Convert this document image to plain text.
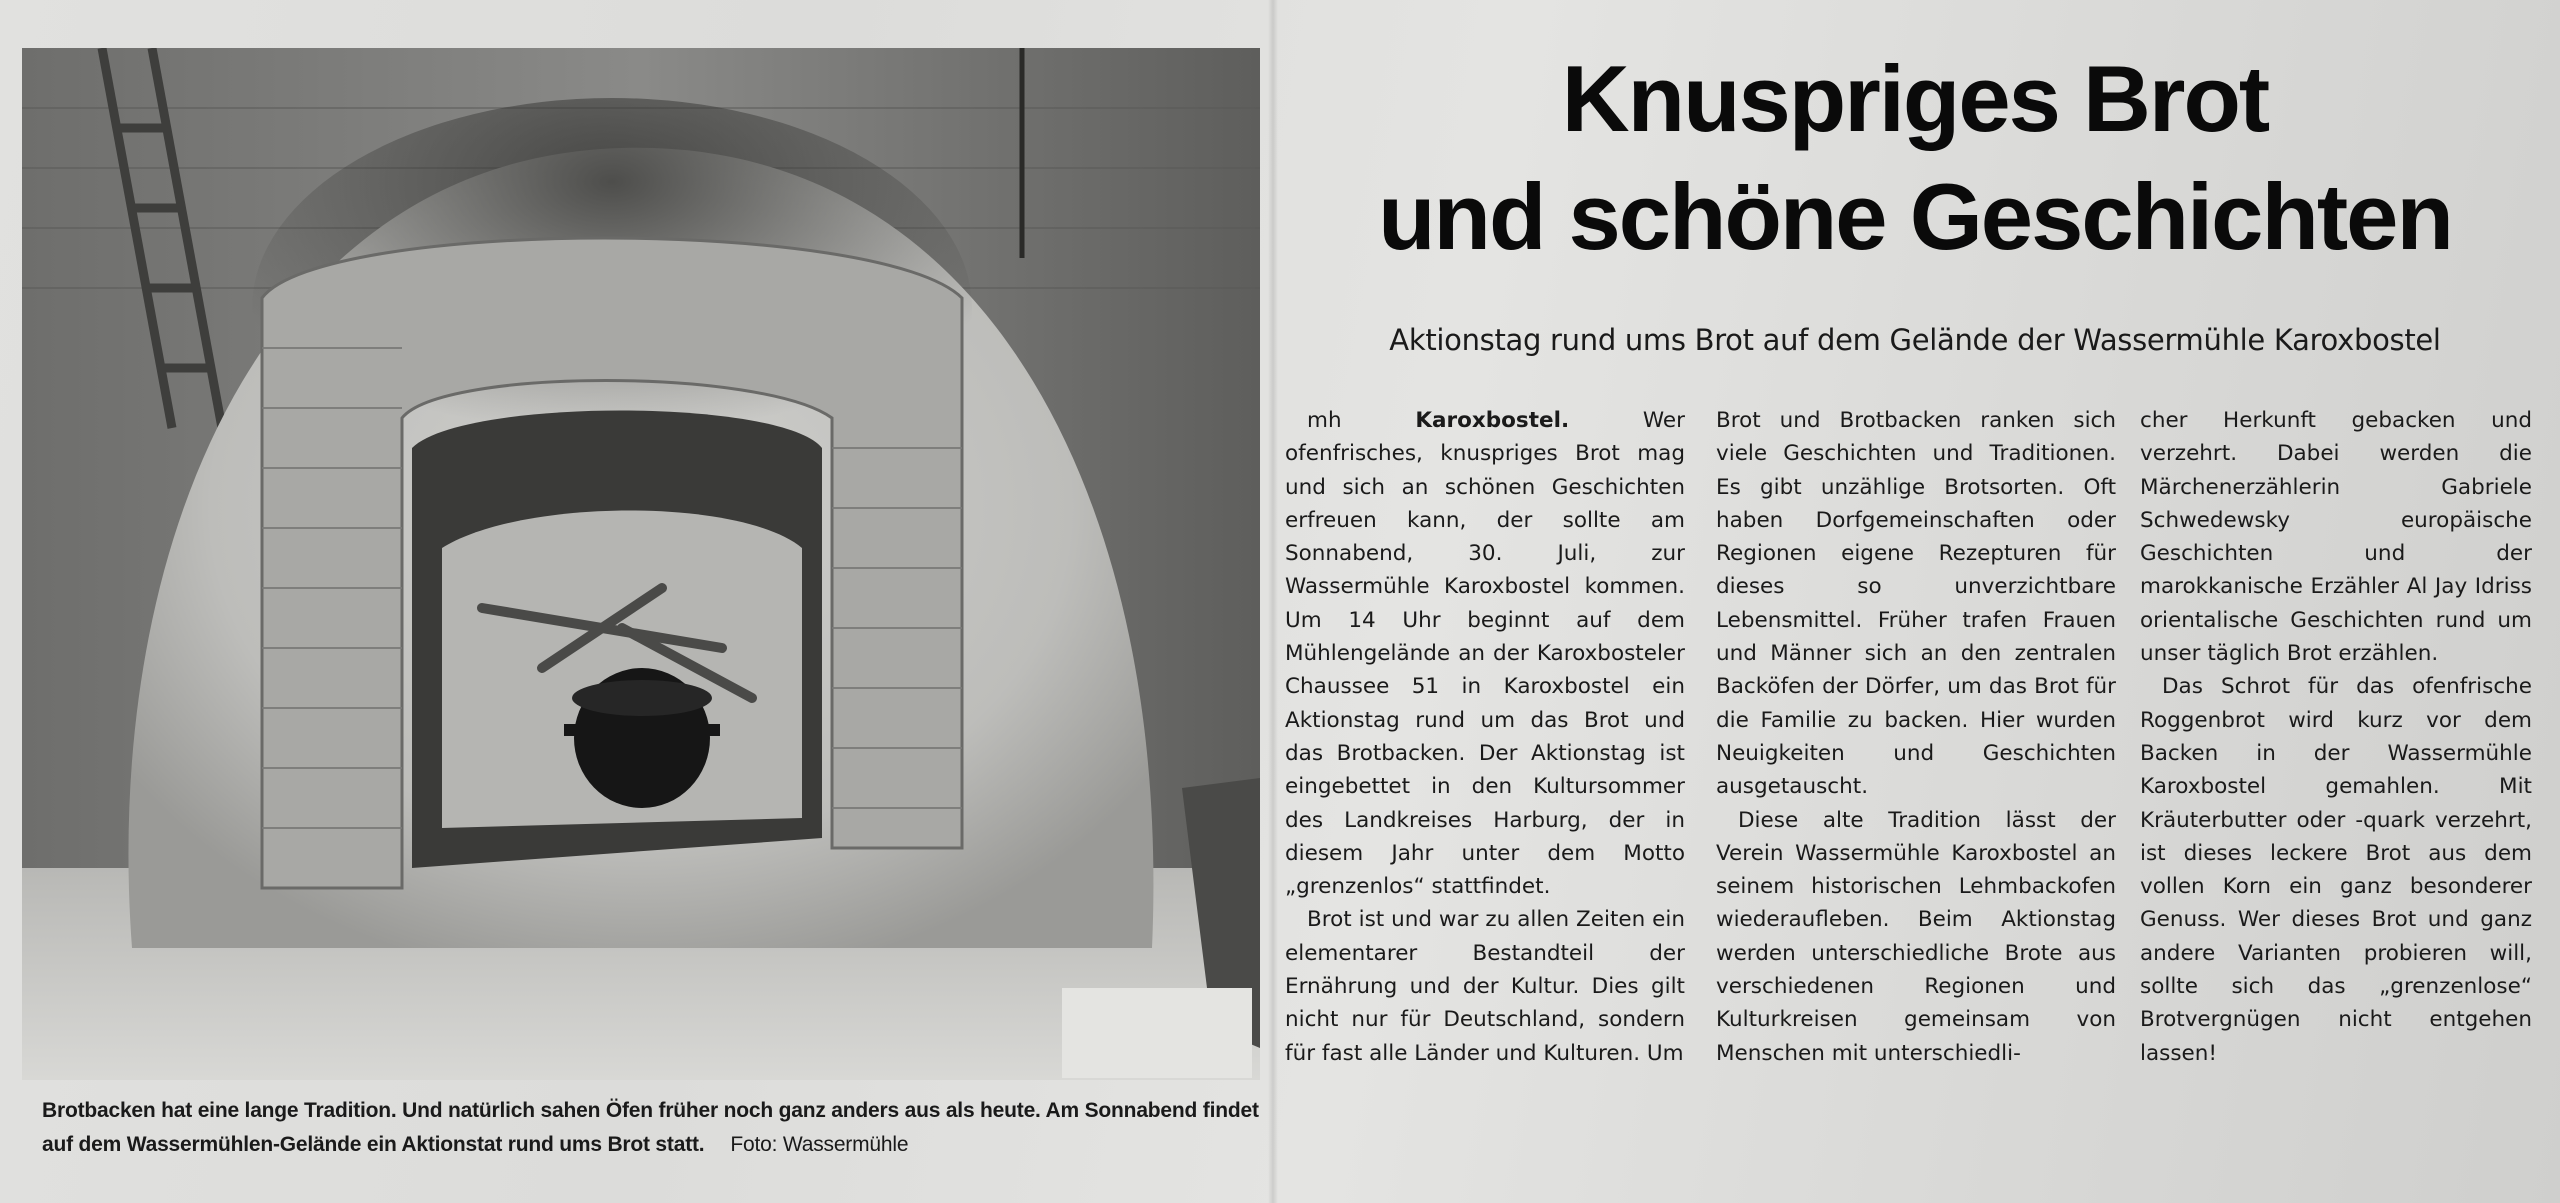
Brotbacken hat eine lange Tradition. Und natürlich sahen Öfen früher noch ganz anders aus als heute. Am Sonnabend findet auf dem Wassermühlen-Gelände ein Aktionstat rund ums Brot statt. Foto: Wassermühle
Knuspriges Brot
und schöne Geschichten
Aktionstag rund ums Brot auf dem Gelände der Wassermühle Karoxbostel

mh	Karoxbostel.	Wer ofenfrisches, knuspriges Brot mag und sich an schönen Geschichten erfreuen kann, der sollte am Sonnabend, 30. Juli, zur Wassermühle Karoxbostel kommen. Um 14 Uhr beginnt auf dem Mühlengelände an der Karoxbosteler Chaussee 51 in Karoxbostel ein Aktionstag rund um das Brot und das Brotbacken. Der Aktionstag ist eingebettet in den Kultursommer des Landkreises Harburg, der in diesem Jahr unter dem Motto „grenzenlos“ stattfindet.

Brot ist und war zu allen Zeiten ein elementarer Bestandteil der Ernährung und der Kultur. Dies gilt nicht nur für Deutschland, sondern für fast alle Länder und Kulturen. Um

Brot und Brotbacken ranken sich viele Geschichten und Traditionen. Es gibt unzählige Brotsorten. Oft haben Dorfgemeinschaften oder Regionen eigene Rezepturen für dieses so unverzichtbare Lebensmittel. Früher trafen Frauen und Männer sich an den zentralen Backöfen der Dörfer, um das Brot für die Familie zu backen. Hier wurden Neuigkeiten und Geschichten ausgetauscht.

Diese alte Tradition lässt der Verein Wassermühle Karoxbostel an seinem historischen Lehmbackofen wiederaufleben. Beim Aktionstag werden unterschiedliche Brote aus verschiedenen Regionen und Kulturkreisen gemeinsam von Menschen mit unterschiedli-

cher Herkunft gebacken und verzehrt. Dabei werden die Märchenerzählerin Gabriele Schwedewsky europäische Geschichten und der marokkanische Erzähler Al Jay Idriss orientalische Geschichten rund um unser täglich Brot erzählen.

Das Schrot für das ofenfrische Roggenbrot wird kurz vor dem Backen in der Wassermühle Karoxbostel gemahlen. Mit Kräuterbutter oder -quark verzehrt, ist dieses leckere Brot aus dem vollen Korn ein ganz besonderer Genuss. Wer dieses Brot und ganz andere Varianten probieren will, sollte sich das „grenzenlose“ Brotvergnügen nicht entgehen lassen!
